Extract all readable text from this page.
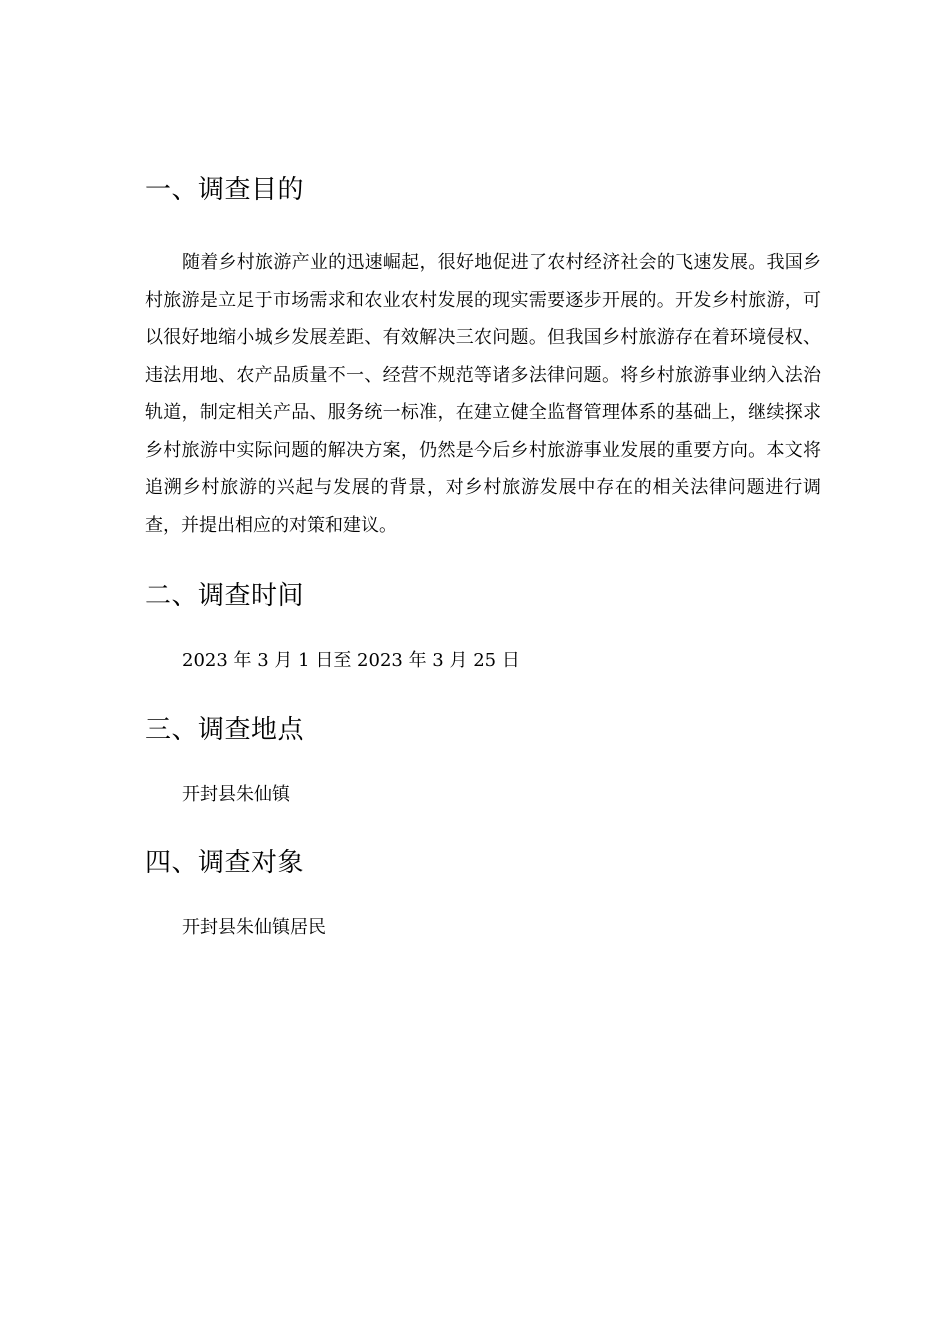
一、调查目的

随着乡村旅游产业的迅速崛起，很好地促进了农村经济社会的飞速发展。我国乡村旅游是立足于市场需求和农业农村发展的现实需要逐步开展的。开发乡村旅游，可以很好地缩小城乡发展差距、有效解决三农问题。但我国乡村旅游存在着环境侵权、违法用地、农产品质量不一、经营不规范等诸多法律问题。将乡村旅游事业纳入法治轨道，制定相关产品、服务统一标准，在建立健全监督管理体系的基础上，继续探求乡村旅游中实际问题的解决方案，仍然是今后乡村旅游事业发展的重要方向。本文将追溯乡村旅游的兴起与发展的背景，对乡村旅游发展中存在的相关法律问题进行调查，并提出相应的对策和建议。

二、调查时间

2023 年 3 月 1 日至 2023 年 3 月 25 日

三、调查地点

开封县朱仙镇

四、调查对象

开封县朱仙镇居民
